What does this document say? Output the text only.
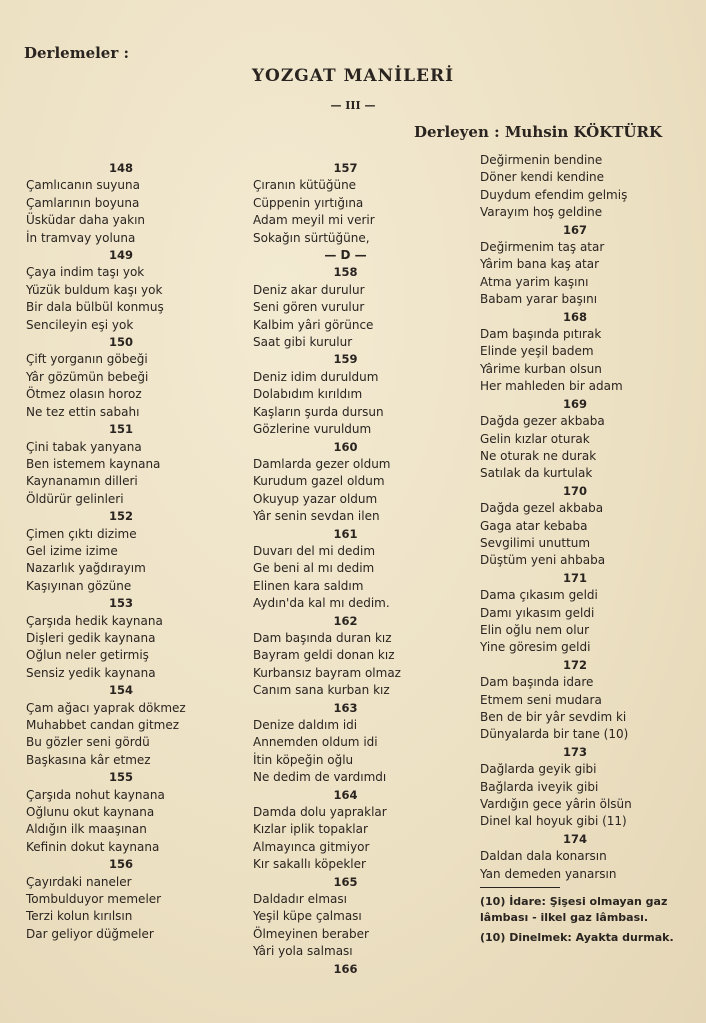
Derlemeler :
YOZGAT MANİLERİ
— III —
Derleyen : Muhsin KÖKTÜRK
148
Çamlıcanın suyuna
Çamlarının boyuna
Üsküdar daha yakın
İn tramvay yoluna
149
Çaya indim taşı yok
Yüzük buldum kaşı yok
Bir dala bülbül konmuş
Sencileyin eşi yok
150
Çift yorganın göbeği
Yâr gözümün bebeği
Ötmez olasın horoz
Ne tez ettin sabahı
151
Çini tabak yanyana
Ben istemem kaynana
Kaynanamın dilleri
Öldürür gelinleri
152
Çimen çıktı dizime
Gel izime izime
Nazarlık yağdırayım
Kaşıyınan gözüne
153
Çarşıda hedik kaynana
Dişleri gedik kaynana
Oğlun neler getirmiş
Sensiz yedik kaynana
154
Çam ağacı yaprak dökmez
Muhabbet candan gitmez
Bu gözler seni gördü
Başkasına kâr etmez
155
Çarşıda nohut kaynana
Oğlunu okut kaynana
Aldığın ilk maaşınan
Kefinin dokut kaynana
156
Çayırdaki naneler
Tombulduyor memeler
Terzi kolun kırılsın
Dar geliyor düğmeler
157
Çıranın kütüğüne
Cüppenin yırtığına
Adam meyil mi verir
Sokağın sürtüğüne,
— D —
158
Deniz akar durulur
Seni gören vurulur
Kalbim yâri görünce
Saat gibi kurulur
159
Deniz idim duruldum
Dolabıdım kırıldım
Kaşların şurda dursun
Gözlerine vuruldum
160
Damlarda gezer oldum
Kurudum gazel oldum
Okuyup yazar oldum
Yâr senin sevdan ilen
161
Duvarı del mi dedim
Ge beni al mı dedim
Elinen kara saldım
Aydın'da kal mı dedim.
162
Dam başında duran kız
Bayram geldi donan kız
Kurbansız bayram olmaz
Canım sana kurban kız
163
Denize daldım idi
Annemden oldum idi
İtin köpeğin oğlu
Ne dedim de vardımdı
164
Damda dolu yapraklar
Kızlar iplik topaklar
Almayınca gitmiyor
Kır sakallı köpekler
165
Daldadır elması
Yeşil küpe çalması
Ölmeyinen beraber
Yâri yola salması
166
Değirmenin bendine
Döner kendi kendine
Duydum efendim gelmiş
Varayım hoş geldine
167
Değirmenim taş atar
Yârim bana kaş atar
Atma yarim kaşını
Babam yarar başını
168
Dam başında pıtırak
Elinde yeşil badem
Yârime kurban olsun
Her mahleden bir adam
169
Dağda gezer akbaba
Gelin kızlar oturak
Ne oturak ne durak
Satılak da kurtulak
170
Dağda gezel akbaba
Gaga atar kebaba
Sevgilimi unuttum
Düştüm yeni ahbaba
171
Dama çıkasım geldi
Damı yıkasım geldi
Elin oğlu nem olur
Yine göresim geldi
172
Dam başında idare
Etmem seni mudara
Ben de bir yâr sevdim ki
Dünyalarda bir tane (10)
173
Dağlarda geyik gibi
Bağlarda iveyik gibi
Vardığın gece yârin ölsün
Dinel kal hoyuk gibi (11)
174
Daldan dala konarsın
Yan demeden yanarsın
(10) İdare: Şişesi olmayan gaz lâmbası - ilkel gaz lâmbası.
(10) Dinelmek: Ayakta durmak.
